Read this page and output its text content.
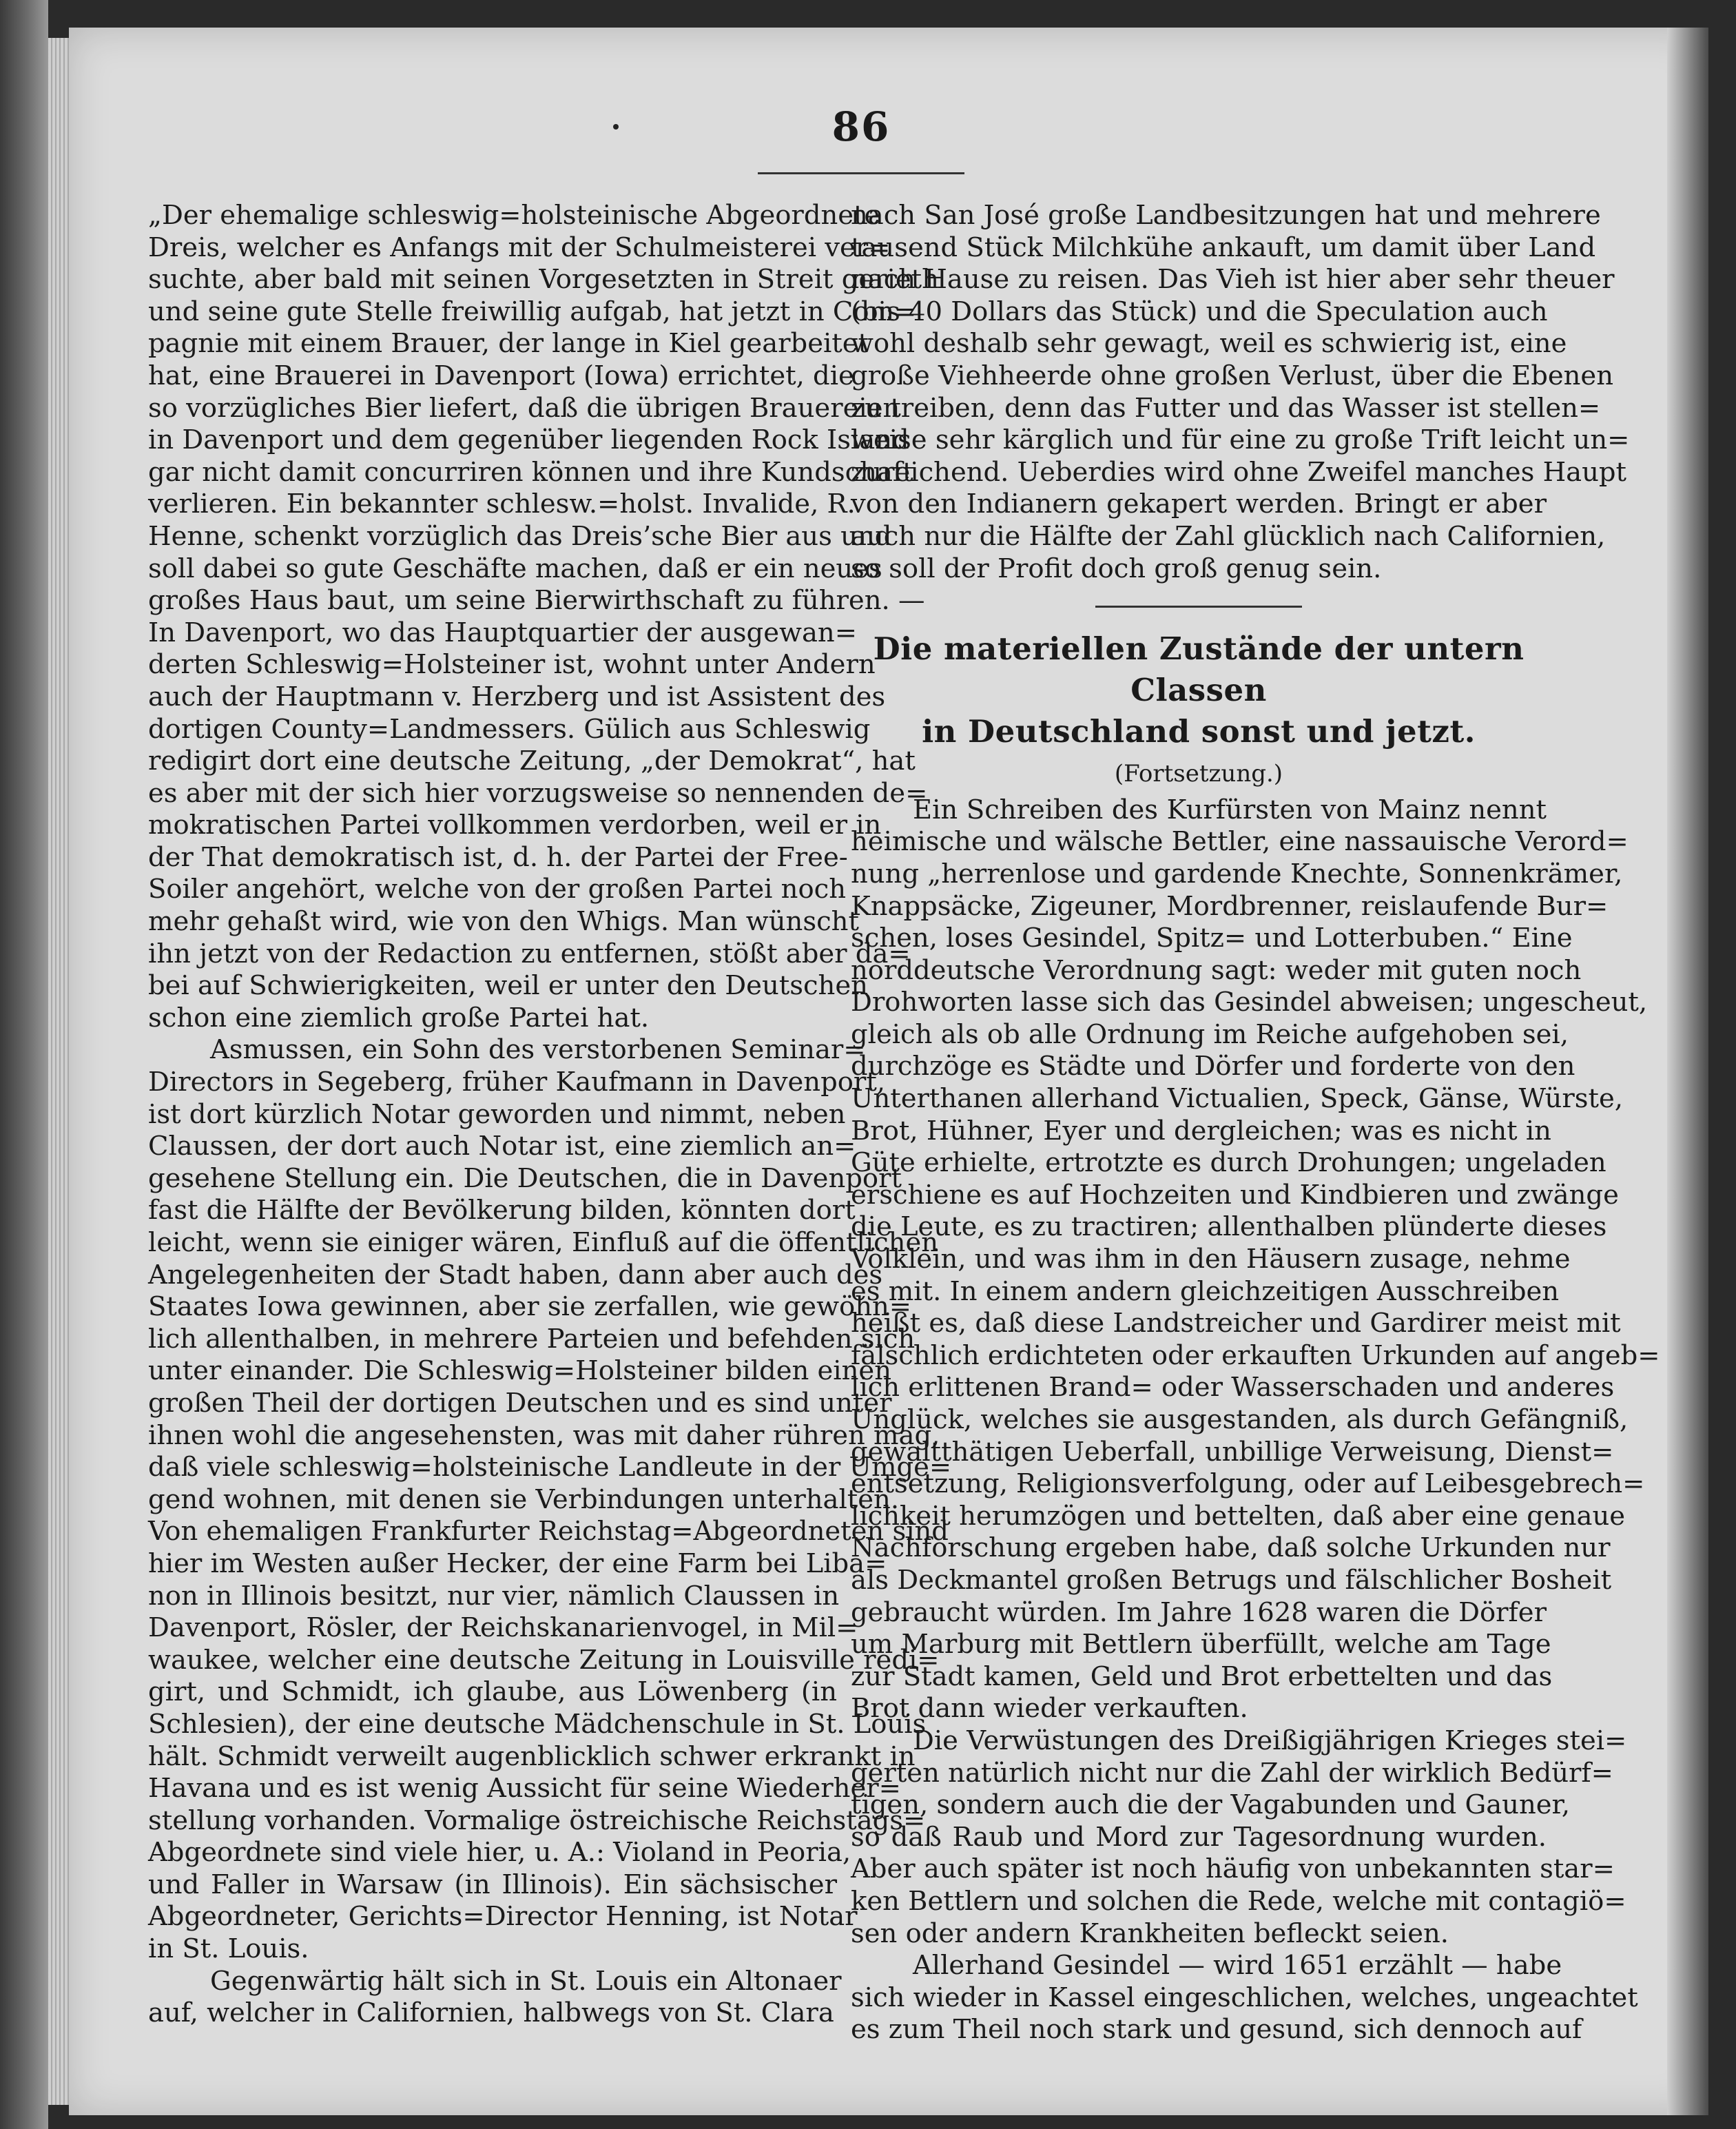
86

„Der ehemalige schleswig=holsteinische Abgeordnete
Dreis, welcher es Anfangs mit der Schulmeisterei ver=
suchte, aber bald mit seinen Vorgesetzten in Streit gerieth
und seine gute Stelle freiwillig aufgab, hat jetzt in Com=
pagnie mit einem Brauer, der lange in Kiel gearbeitet
hat, eine Brauerei in Davenport (Iowa) errichtet, die
so vorzügliches Bier liefert, daß die übrigen Brauereien
in Davenport und dem gegenüber liegenden Rock Island
gar nicht damit concurriren können und ihre Kundschaft
verlieren. Ein bekannter schlesw.=holst. Invalide, R.
Henne, schenkt vorzüglich das Dreis’sche Bier aus und
soll dabei so gute Geschäfte machen, daß er ein neues
großes Haus baut, um seine Bierwirthschaft zu führen. —
In Davenport, wo das Hauptquartier der ausgewan=
derten Schleswig=Holsteiner ist, wohnt unter Andern
auch der Hauptmann v. Herzberg und ist Assistent des
dortigen County=Landmessers. Gülich aus Schleswig
redigirt dort eine deutsche Zeitung, „der Demokrat“, hat
es aber mit der sich hier vorzugsweise so nennenden de=
mokratischen Partei vollkommen verdorben, weil er in
der That demokratisch ist, d. h. der Partei der Free-
Soiler angehört, welche von der großen Partei noch
mehr gehaßt wird, wie von den Whigs. Man wünscht
ihn jetzt von der Redaction zu entfernen, stößt aber da=
bei auf Schwierigkeiten, weil er unter den Deutschen
schon eine ziemlich große Partei hat.

Asmussen, ein Sohn des verstorbenen Seminar=
Directors in Segeberg, früher Kaufmann in Davenport,
ist dort kürzlich Notar geworden und nimmt, neben
Claussen, der dort auch Notar ist, eine ziemlich an=
gesehene Stellung ein. Die Deutschen, die in Davenport
fast die Hälfte der Bevölkerung bilden, könnten dort
leicht, wenn sie einiger wären, Einfluß auf die öffentlichen
Angelegenheiten der Stadt haben, dann aber auch des
Staates Iowa gewinnen, aber sie zerfallen, wie gewöhn=
lich allenthalben, in mehrere Parteien und befehden sich
unter einander. Die Schleswig=Holsteiner bilden einen
großen Theil der dortigen Deutschen und es sind unter
ihnen wohl die angesehensten, was mit daher rühren mag,
daß viele schleswig=holsteinische Landleute in der Umge=
gend wohnen, mit denen sie Verbindungen unterhalten.
Von ehemaligen Frankfurter Reichstag=Abgeordneten sind
hier im Westen außer Hecker, der eine Farm bei Liba=
non in Illinois besitzt, nur vier, nämlich Claussen in
Davenport, Rösler, der Reichskanarienvogel, in Mil=
waukee, welcher eine deutsche Zeitung in Louisville redi=
girt, und Schmidt, ich glaube, aus Löwenberg (in
Schlesien), der eine deutsche Mädchenschule in St. Louis
hält. Schmidt verweilt augenblicklich schwer erkrankt in
Havana und es ist wenig Aussicht für seine Wiederher=
stellung vorhanden. Vormalige östreichische Reichstags=
Abgeordnete sind viele hier, u. A.: Violand in Peoria,
und Faller in Warsaw (in Illinois). Ein sächsischer
Abgeordneter, Gerichts=Director Henning, ist Notar
in St. Louis.

Gegenwärtig hält sich in St. Louis ein Altonaer
auf, welcher in Californien, halbwegs von St. Clara

nach San José große Landbesitzungen hat und mehrere
tausend Stück Milchkühe ankauft, um damit über Land
nach Hause zu reisen. Das Vieh ist hier aber sehr theuer
(bis 40 Dollars das Stück) und die Speculation auch
wohl deshalb sehr gewagt, weil es schwierig ist, eine
große Viehheerde ohne großen Verlust, über die Ebenen
zu treiben, denn das Futter und das Wasser ist stellen=
weise sehr kärglich und für eine zu große Trift leicht un=
zureichend. Ueberdies wird ohne Zweifel manches Haupt
von den Indianern gekapert werden. Bringt er aber
auch nur die Hälfte der Zahl glücklich nach Californien,
so soll der Profit doch groß genug sein.

Die materiellen Zustände der untern Classen
in Deutschland sonst und jetzt.
(Fortsetzung.)

Ein Schreiben des Kurfürsten von Mainz nennt
heimische und wälsche Bettler, eine nassauische Verord=
nung „herrenlose und gardende Knechte, Sonnenkrämer,
Knappsäcke, Zigeuner, Mordbrenner, reislaufende Bur=
schen, loses Gesindel, Spitz= und Lotterbuben.“ Eine
norddeutsche Verordnung sagt: weder mit guten noch
Drohworten lasse sich das Gesindel abweisen; ungescheut,
gleich als ob alle Ordnung im Reiche aufgehoben sei,
durchzöge es Städte und Dörfer und forderte von den
Unterthanen allerhand Victualien, Speck, Gänse, Würste,
Brot, Hühner, Eyer und dergleichen; was es nicht in
Güte erhielte, ertrotzte es durch Drohungen; ungeladen
erschiene es auf Hochzeiten und Kindbieren und zwänge
die Leute, es zu tractiren; allenthalben plünderte dieses
Völklein, und was ihm in den Häusern zusage, nehme
es mit. In einem andern gleichzeitigen Ausschreiben
heißt es, daß diese Landstreicher und Gardirer meist mit
fälschlich erdichteten oder erkauften Urkunden auf angeb=
lich erlittenen Brand= oder Wasserschaden und anderes
Unglück, welches sie ausgestanden, als durch Gefängniß,
gewaltthätigen Ueberfall, unbillige Verweisung, Dienst=
entsetzung, Religionsverfolgung, oder auf Leibesgebrech=
lichkeit herumzögen und bettelten, daß aber eine genaue
Nachforschung ergeben habe, daß solche Urkunden nur
als Deckmantel großen Betrugs und fälschlicher Bosheit
gebraucht würden. Im Jahre 1628 waren die Dörfer
um Marburg mit Bettlern überfüllt, welche am Tage
zur Stadt kamen, Geld und Brot erbettelten und das
Brot dann wieder verkauften.

Die Verwüstungen des Dreißigjährigen Krieges stei=
gerten natürlich nicht nur die Zahl der wirklich Bedürf=
tigen, sondern auch die der Vagabunden und Gauner,
so daß Raub und Mord zur Tagesordnung wurden.
Aber auch später ist noch häufig von unbekannten star=
ken Bettlern und solchen die Rede, welche mit contagiö=
sen oder andern Krankheiten befleckt seien.

Allerhand Gesindel — wird 1651 erzählt — habe
sich wieder in Kassel eingeschlichen, welches, ungeachtet
es zum Theil noch stark und gesund, sich dennoch auf
